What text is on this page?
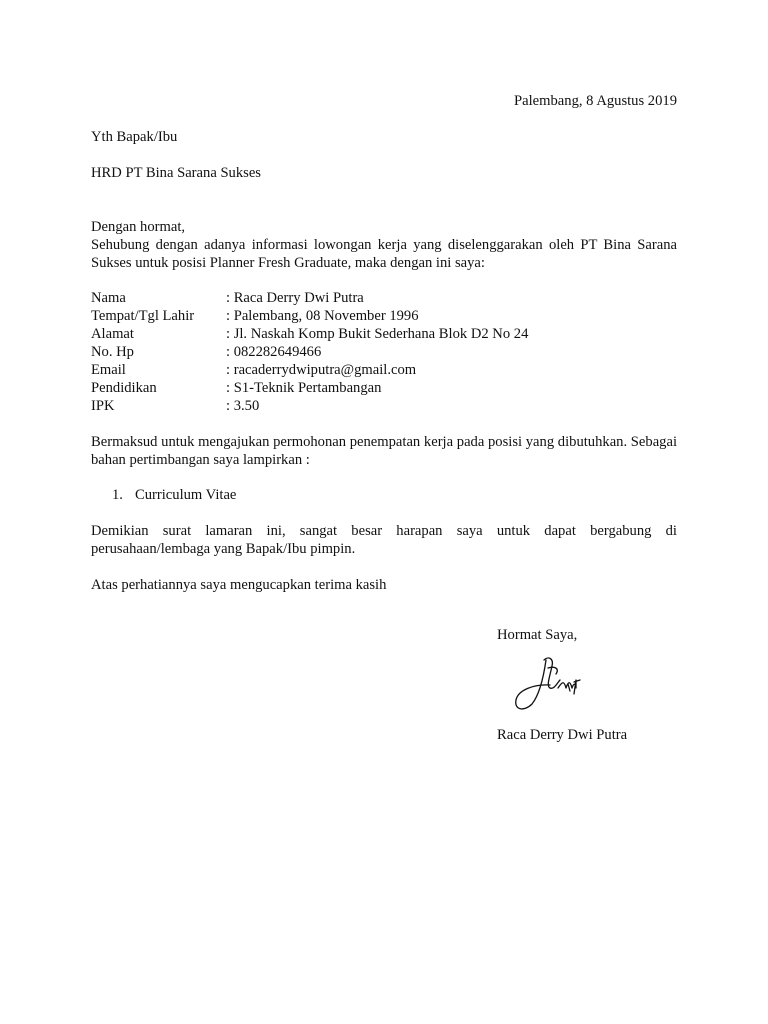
Palembang, 8 Agustus 2019
Yth Bapak/Ibu
HRD PT Bina Sarana Sukses
Dengan hormat,

Sehubung dengan adanya informasi lowongan kerja yang diselenggarakan oleh PT Bina Sarana Sukses untuk posisi Planner Fresh Graduate, maka dengan ini saya:

Nama	: Raca Derry Dwi Putra
Tempat/Tgl Lahir	: Palembang, 08 November 1996
Alamat	: Jl. Naskah Komp Bukit Sederhana Blok D2 No 24
No. Hp	: 082282649466
Email	: racaderrydwiputra@gmail.com
Pendidikan	: S1-Teknik Pertambangan
IPK	: 3.50

Bermaksud untuk mengajukan permohonan penempatan kerja pada posisi yang dibutuhkan. Sebagai bahan pertimbangan saya lampirkan :

1. Curriculum Vitae

Demikian surat lamaran ini, sangat besar harapan saya untuk dapat bergabung di perusahaan/lembaga yang Bapak/Ibu pimpin.

Atas perhatiannya saya mengucapkan terima kasih
Hormat Saya,
Raca Derry Dwi Putra
